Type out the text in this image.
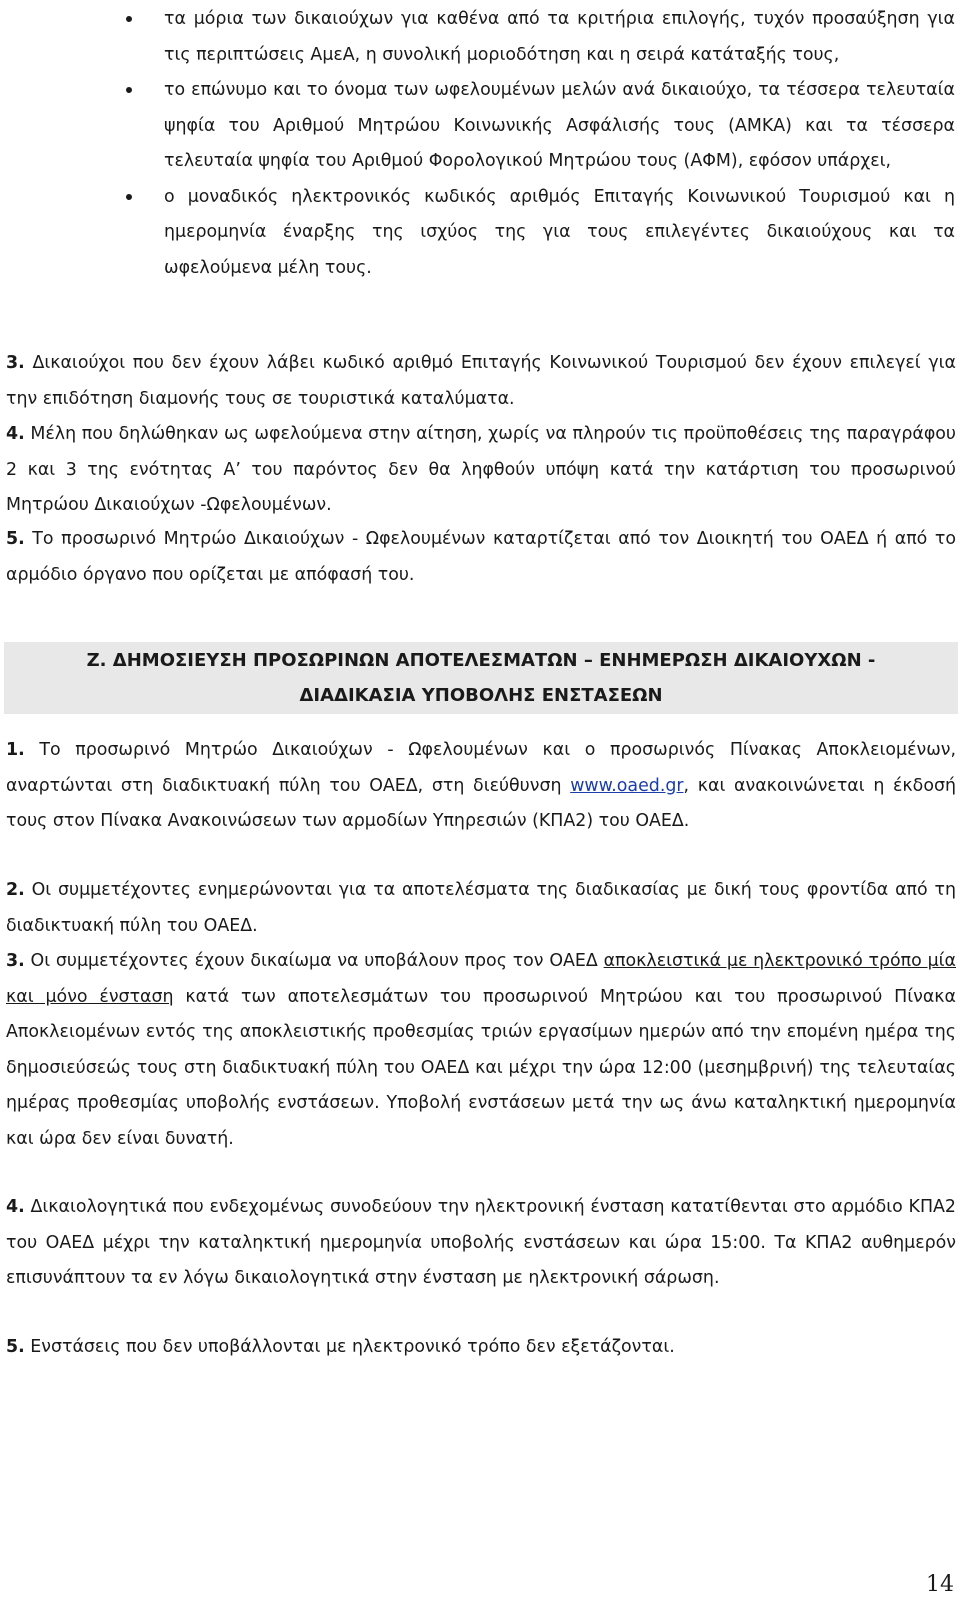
τα μόρια των δικαιούχων για καθένα από τα κριτήρια επιλογής, τυχόν προσαύξηση για τις περιπτώσεις ΑμεΑ, η συνολική μοριοδότηση και η σειρά κατάταξής τους,
το επώνυμο και το όνομα των ωφελουμένων μελών ανά δικαιούχο, τα τέσσερα τελευταία ψηφία του Αριθμού Μητρώου Κοινωνικής Ασφάλισής τους (ΑΜΚΑ) και τα τέσσερα τελευταία ψηφία του Αριθμού Φορολογικού Μητρώου τους (ΑΦΜ), εφόσον υπάρχει,
ο μοναδικός ηλεκτρονικός κωδικός αριθμός Επιταγής Κοινωνικού Τουρισμού και η ημερομηνία έναρξης της ισχύος της για τους επιλεγέντες δικαιούχους και τα ωφελούμενα μέλη τους.

3. Δικαιούχοι που δεν έχουν λάβει κωδικό αριθμό Επιταγής Κοινωνικού Τουρισμού δεν έχουν επιλεγεί για την επιδότηση διαμονής τους σε τουριστικά καταλύματα.

4. Μέλη που δηλώθηκαν ως ωφελούμενα στην αίτηση, χωρίς να πληρούν τις προϋποθέσεις της παραγράφου 2 και 3 της ενότητας Α’ του παρόντος δεν θα ληφθούν υπόψη κατά την κατάρτιση του προσωρινού Μητρώου Δικαιούχων -Ωφελουμένων.

5. Το προσωρινό Μητρώο Δικαιούχων - Ωφελουμένων καταρτίζεται από τον Διοικητή του ΟΑΕΔ ή από το αρμόδιο όργανο που ορίζεται με απόφασή του.

Ζ. ΔΗΜΟΣΙΕΥΣΗ ΠΡΟΣΩΡΙΝΩΝ ΑΠΟΤΕΛΕΣΜΑΤΩΝ – ΕΝΗΜΕΡΩΣΗ ΔΙΚΑΙΟΥΧΩΝ -
ΔΙΑΔΙΚΑΣΙΑ ΥΠΟΒΟΛΗΣ ΕΝΣΤΑΣΕΩΝ

1. Το προσωρινό Μητρώο Δικαιούχων - Ωφελουμένων και ο προσωρινός Πίνακας Αποκλειομένων, αναρτώνται στη διαδικτυακή πύλη του ΟΑΕΔ, στη διεύθυνση www.oaed.gr, και ανακοινώνεται η έκδοσή τους στον Πίνακα Ανακοινώσεων των αρμοδίων Υπηρεσιών (ΚΠΑ2) του ΟΑΕΔ.

2. Οι συμμετέχοντες ενημερώνονται για τα αποτελέσματα της διαδικασίας με δική τους φροντίδα από τη διαδικτυακή πύλη του ΟΑΕΔ.

3. Οι συμμετέχοντες έχουν δικαίωμα να υποβάλουν προς τον ΟΑΕΔ αποκλειστικά με ηλεκτρονικό τρόπο μία και μόνο ένσταση κατά των αποτελεσμάτων του προσωρινού Μητρώου και του προσωρινού Πίνακα Αποκλειομένων εντός της αποκλειστικής προθεσμίας τριών εργασίμων ημερών από την επομένη ημέρα της δημοσιεύσεώς τους στη διαδικτυακή πύλη του ΟΑΕΔ και μέχρι την ώρα 12:00 (μεσημβρινή) της τελευταίας ημέρας προθεσμίας υποβολής ενστάσεων. Υποβολή ενστάσεων μετά την ως άνω καταληκτική ημερομηνία και ώρα δεν είναι δυνατή.

4. Δικαιολογητικά που ενδεχομένως συνοδεύουν την ηλεκτρονική ένσταση κατατίθενται στο αρμόδιο ΚΠΑ2 του ΟΑΕΔ μέχρι την καταληκτική ημερομηνία υποβολής ενστάσεων και ώρα 15:00. Τα ΚΠΑ2 αυθημερόν επισυνάπτουν τα εν λόγω δικαιολογητικά στην ένσταση με ηλεκτρονική σάρωση.

5. Ενστάσεις που δεν υποβάλλονται με ηλεκτρονικό τρόπο δεν εξετάζονται.

14
